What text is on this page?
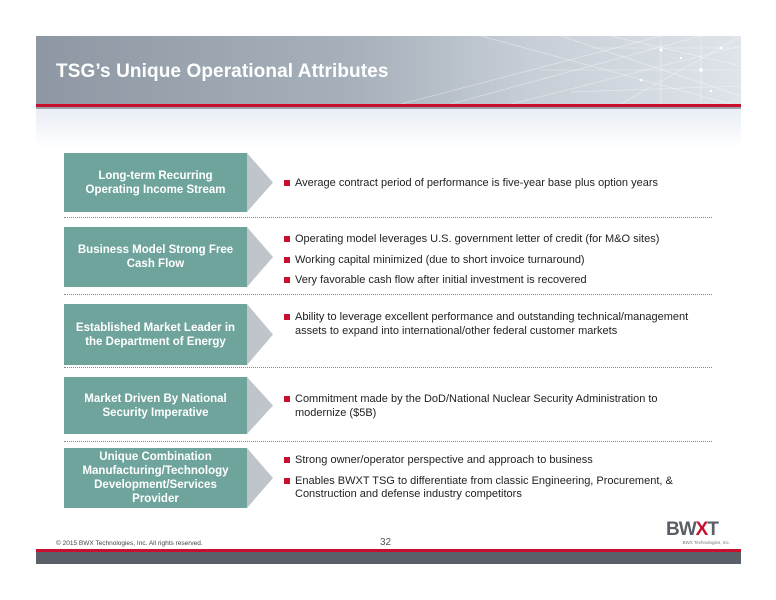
TSG’s Unique Operational Attributes
Long-term Recurring Operating Income Stream
Average contract period of performance is five-year base plus option years
Business Model Strong Free Cash Flow
Operating model leverages U.S. government letter of credit (for M&O sites)
Working capital minimized (due to short invoice turnaround)
Very favorable cash flow after initial investment is recovered
Established Market Leader in the Department of Energy
Ability to leverage excellent performance and outstanding technical/management assets to expand into international/other federal customer markets
Market Driven By National Security Imperative
Commitment made by the DoD/National Nuclear Security Administration to modernize ($5B)
Unique Combination Manufacturing/Technology Development/Services Provider
Strong owner/operator perspective and approach to business
Enables BWXT TSG to differentiate from classic Engineering, Procurement, & Construction and defense industry competitors
© 2015 BWX Technologies, Inc. All rights reserved.	32
BWXT
BWX Technologies, Inc.
